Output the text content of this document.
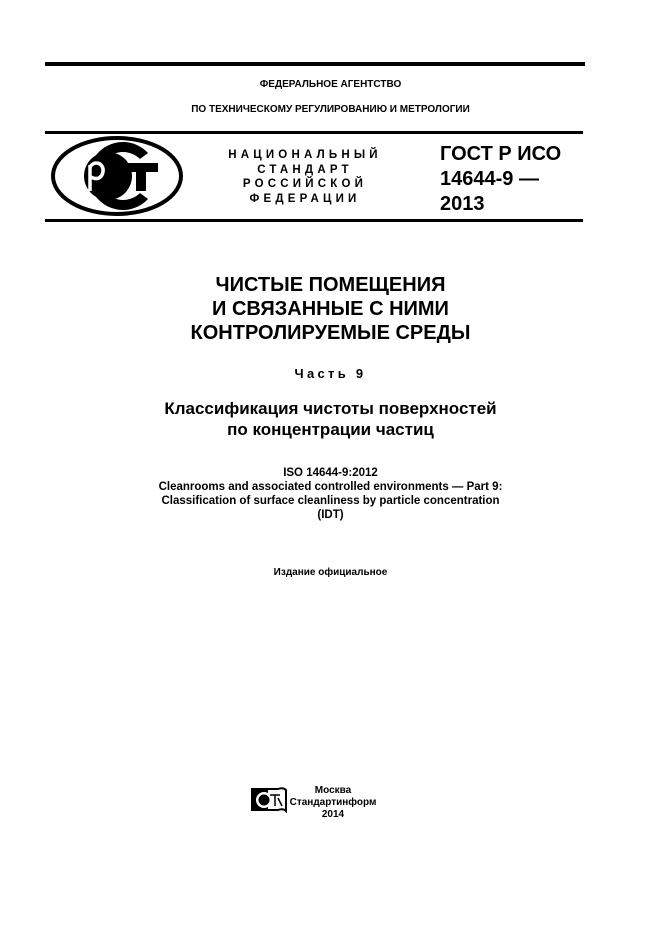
ФЕДЕРАЛЬНОЕ АГЕНТСТВО
ПО ТЕХНИЧЕСКОМУ РЕГУЛИРОВАНИЮ И МЕТРОЛОГИИ
НАЦИОНАЛЬНЫЙ
СТАНДАРТ
РОССИЙСКОЙ
ФЕДЕРАЦИИ
ГОСТ Р ИСО
14644-9 —
2013
ЧИСТЫЕ ПОМЕЩЕНИЯ
И СВЯЗАННЫЕ С НИМИ
КОНТРОЛИРУЕМЫЕ СРЕДЫ
Часть 9
Классификация чистоты поверхностей
по концентрации частиц
ISO 14644-9:2012
Cleanrooms and associated controlled environments — Part 9:
Classification of surface cleanliness by particle concentration
(IDT)
Издание официальное
Москва
Стандартинформ
2014
